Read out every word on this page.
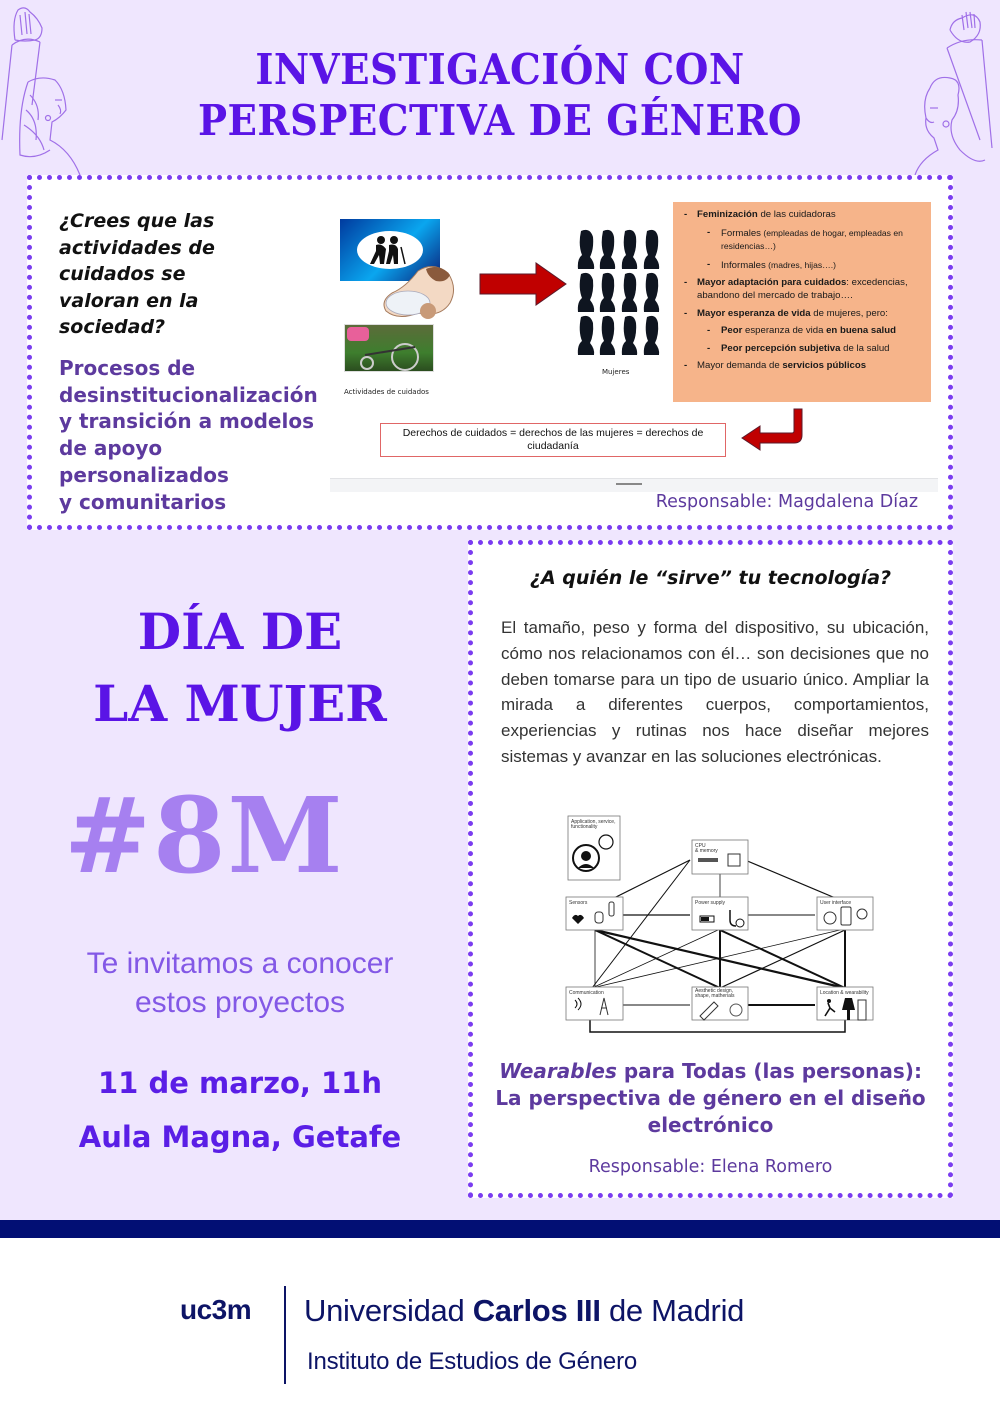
INVESTIGACIÓN CON
PERSPECTIVA DE GÉNERO
¿Crees que las
actividades de
cuidados se
valoran en la
sociedad?
Procesos de
desinstitucionalización
y transición a modelos
de apoyo
personalizados
y comunitarios
Actividades de cuidados
Mujeres
- Feminización de las cuidadoras
- Formales (empleadas de hogar, empleadas en residencias…)
- Informales (madres, hijas….)
- Mayor adaptación para cuidados: excedencias, abandono del mercado de trabajo….
- Mayor esperanza de vida de mujeres, pero:
- Peor esperanza de vida en buena salud
- Peor percepción subjetiva de la salud
- Mayor demanda de servicios públicos
Derechos de cuidados = derechos de las mujeres = derechos de ciudadanía
Responsable: Magdalena Díaz
DÍA DE
LA MUJER
#8M
Te invitamos a conocer
estos proyectos
11 de marzo, 11h
Aula Magna, Getafe
¿A quién le “sirve” tu tecnología?
El tamaño, peso y forma del dispositivo, su ubicación, cómo nos relacionamos con él… son decisiones que no deben tomarse para un tipo de usuario único. Ampliar la mirada a diferentes cuerpos, comportamientos, experiencias y rutinas nos hace diseñar mejores sistemas y avanzar en las soluciones electrónicas.
Application, service,
functionality
CPU
& memory
Sensors	Power supply	User interface
Communication	Aesthetic design,
shape, matherials	Location & wearability
Wearables para Todas (las personas):
La perspectiva de género en el diseño
electrónico
Responsable: Elena Romero
uc3m Universidad Carlos III de Madrid
Instituto de Estudios de Género
